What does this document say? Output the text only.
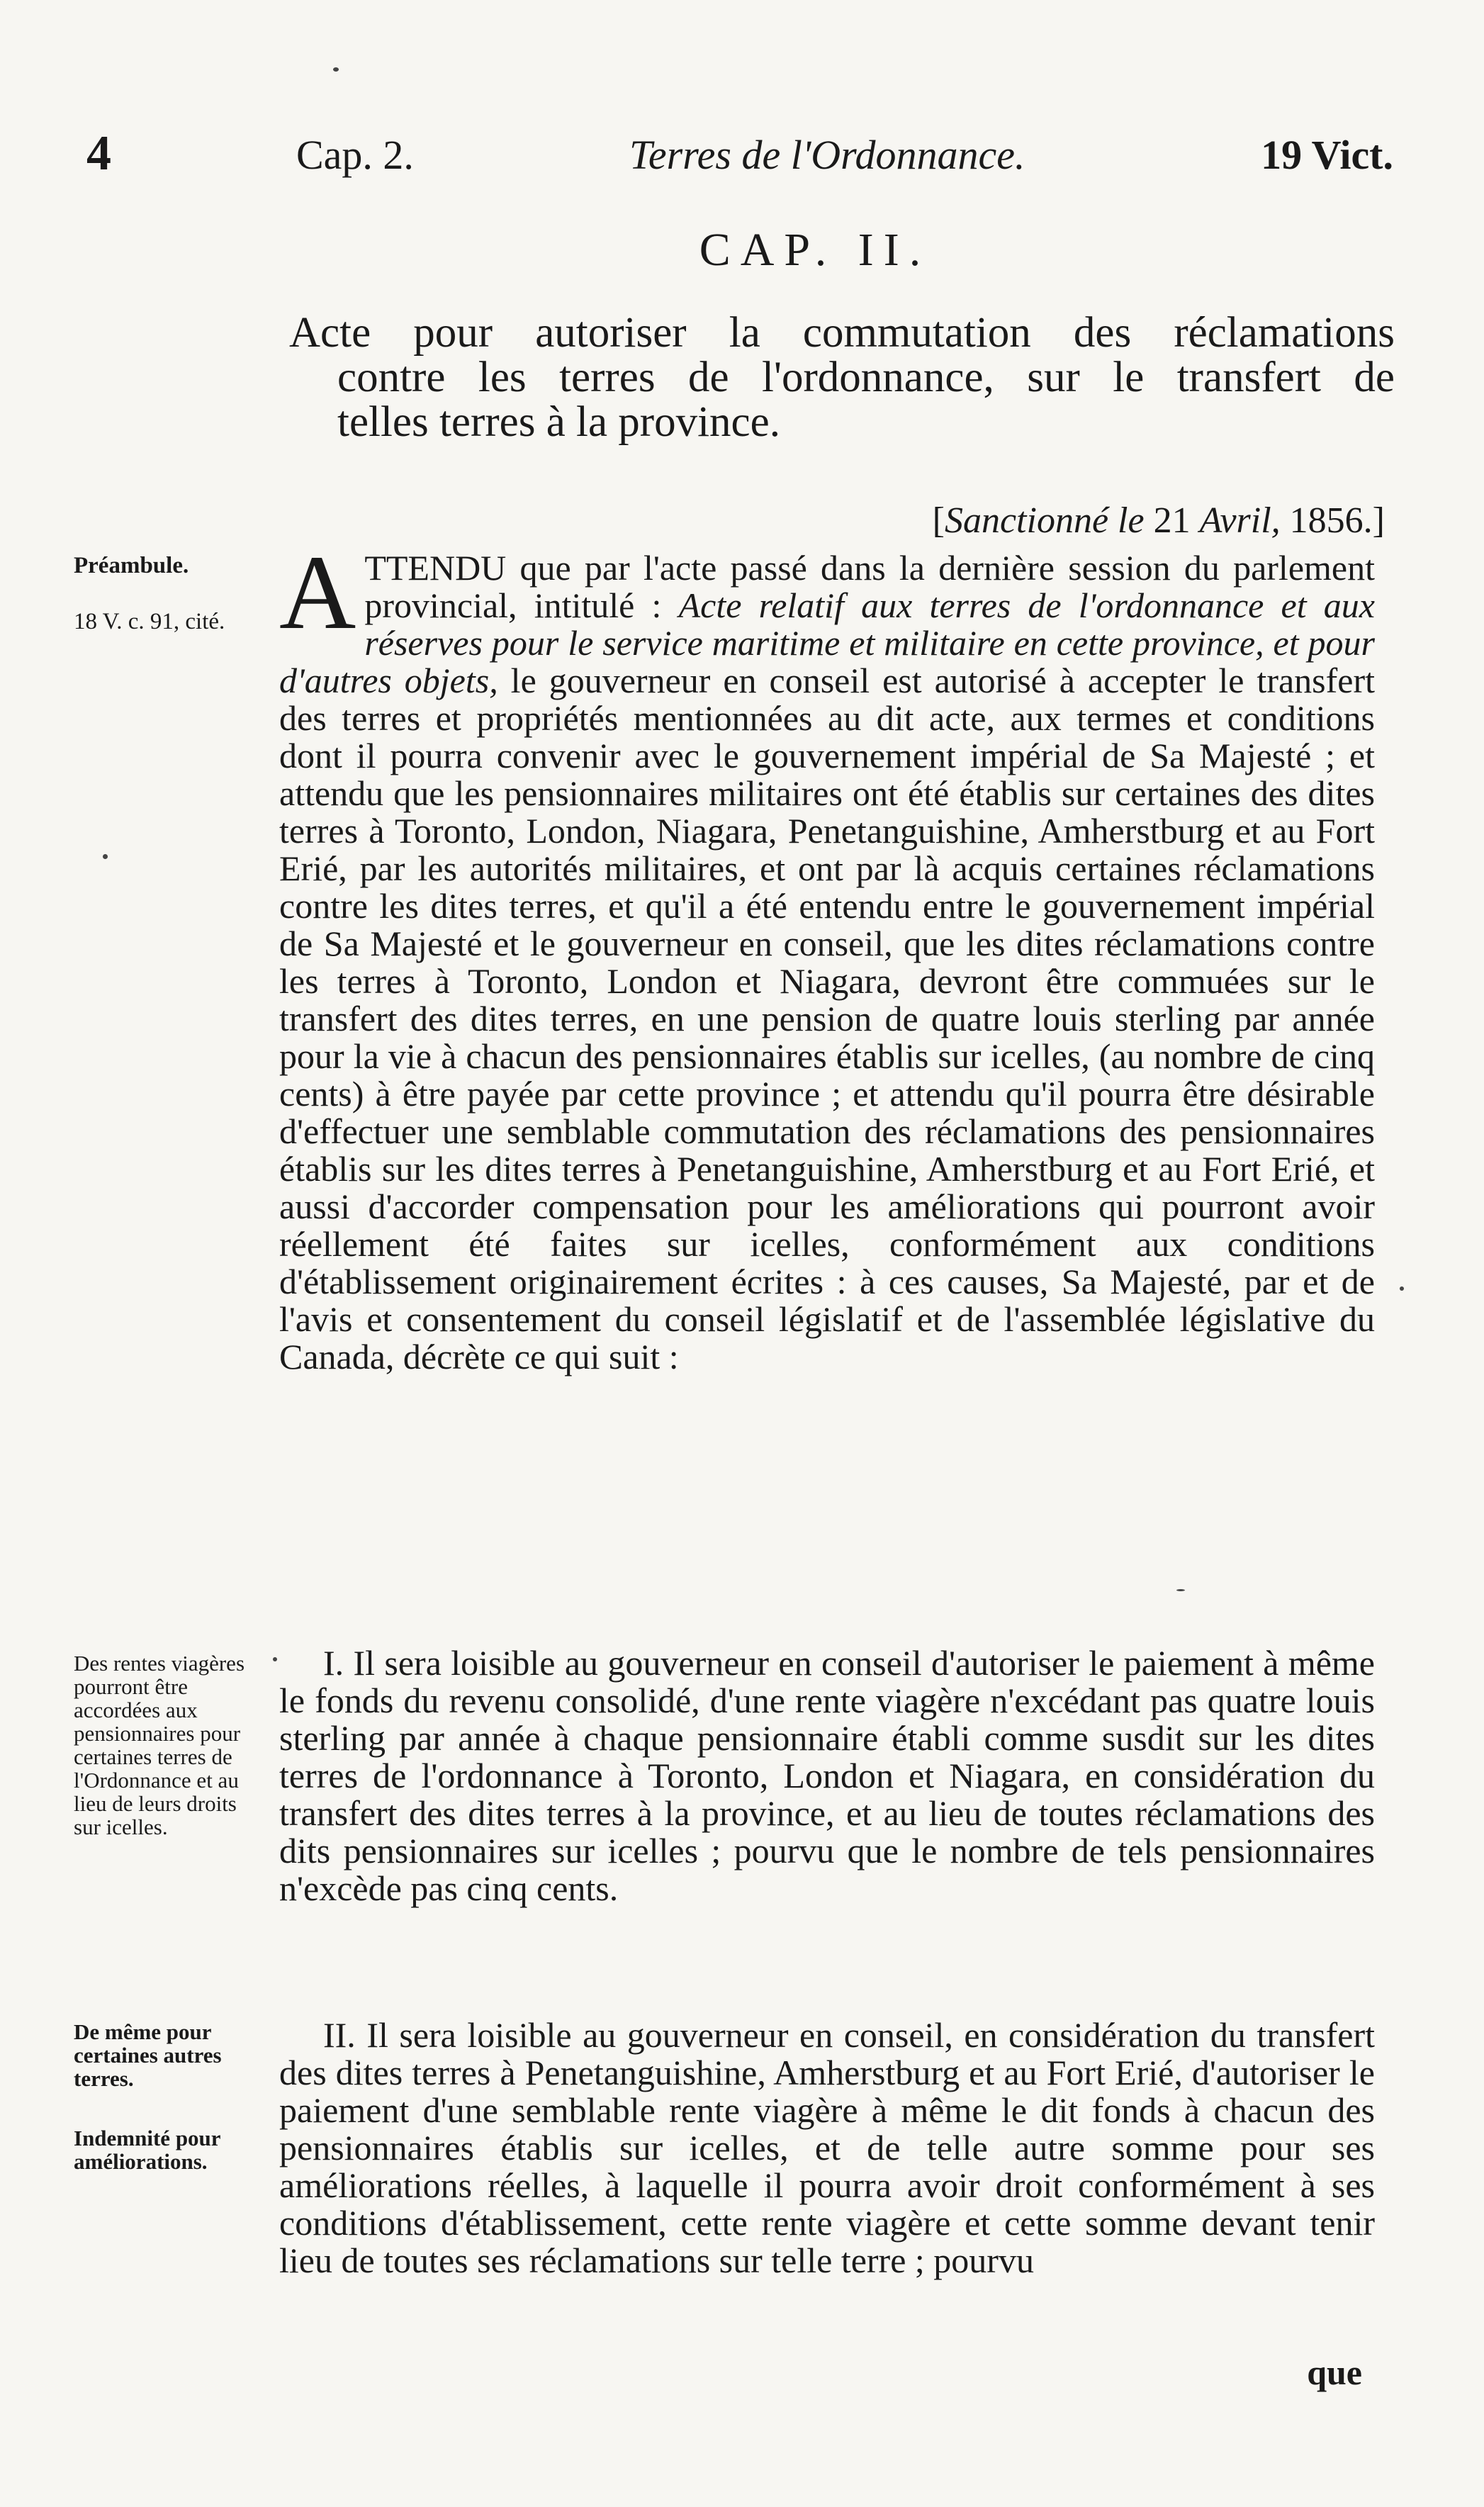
4	Cap. 2.	Terres de l'Ordonnance.	19 Vict.
CAP. II.
Acte pour autoriser la commutation des réclamations
contre les terres de l'ordonnance, sur le transfert de
telles terres à la province.
[Sanctionné le 21 Avril, 1856.]
Préambule.
18 V. c. 91, cité.
Des rentes viagères pourront être accordées aux pensionnaires pour certaines terres de l'Ordonnance et au lieu de leurs droits sur icelles.
De même pour certaines autres terres.
Indemnité pour améliorations.

ATTENDU que par l'acte passé dans la dernière session du parlement provincial, intitulé : Acte relatif aux terres de l'ordonnance et aux réserves pour le service maritime et militaire en cette province, et pour d'autres objets, le gouverneur en conseil est autorisé à accepter le transfert des terres et propriétés mentionnées au dit acte, aux termes et conditions dont il pourra convenir avec le gouvernement impérial de Sa Majesté ; et attendu que les pensionnaires militaires ont été établis sur certaines des dites terres à Toronto, London, Niagara, Penetanguishine, Amherstburg et au Fort Erié, par les autorités militaires, et ont par là acquis certaines réclamations contre les dites terres, et qu'il a été entendu entre le gouvernement impérial de Sa Majesté et le gouverneur en conseil, que les dites réclamations contre les terres à Toronto, London et Niagara, devront être commuées sur le transfert des dites terres, en une pension de quatre louis sterling par année pour la vie à chacun des pensionnaires établis sur icelles, (au nombre de cinq cents) à être payée par cette province ; et attendu qu'il pourra être désirable d'effectuer une semblable commutation des réclamations des pensionnaires établis sur les dites terres à Penetanguishine, Amherstburg et au Fort Erié, et aussi d'accorder compensation pour les améliorations qui pourront avoir réellement été faites sur icelles, conformément aux conditions d'établissement originairement écrites : à ces causes, Sa Majesté, par et de l'avis et consentement du conseil législatif et de l'assemblée législative du Canada, décrète ce qui suit :

I. Il sera loisible au gouverneur en conseil d'autoriser le paiement à même le fonds du revenu consolidé, d'une rente viagère n'excédant pas quatre louis sterling par année à chaque pensionnaire établi comme susdit sur les dites terres de l'ordonnance à Toronto, London et Niagara, en considération du transfert des dites terres à la province, et au lieu de toutes réclamations des dits pensionnaires sur icelles ; pourvu que le nombre de tels pensionnaires n'excède pas cinq cents.

II. Il sera loisible au gouverneur en conseil, en considération du transfert des dites terres à Penetanguishine, Amherstburg et au Fort Erié, d'autoriser le paiement d'une semblable rente viagère à même le dit fonds à chacun des pensionnaires établis sur icelles, et de telle autre somme pour ses améliorations réelles, à laquelle il pourra avoir droit conformément à ses conditions d'établissement, cette rente viagère et cette somme devant tenir lieu de toutes ses réclamations sur telle terre ; pourvu

que
